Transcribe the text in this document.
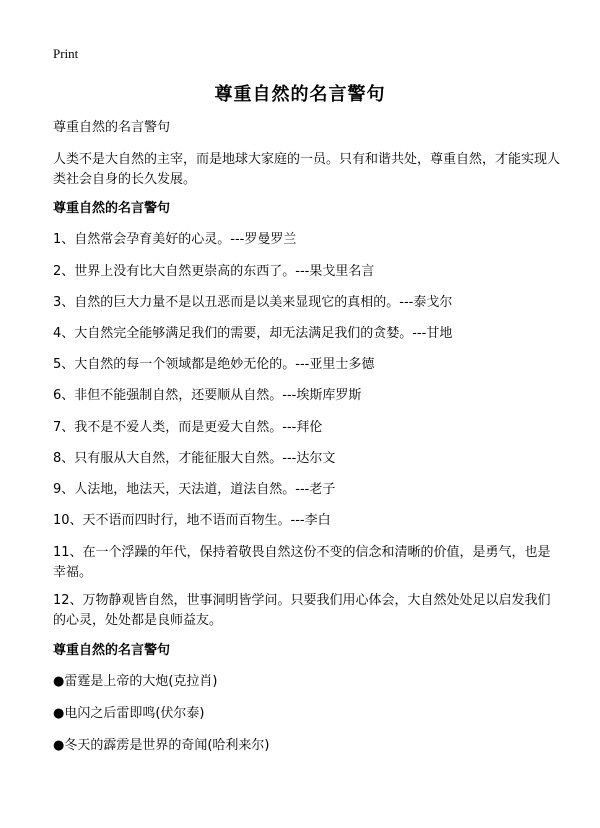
Print
尊重自然的名言警句
尊重自然的名言警句
人类不是大自然的主宰，而是地球大家庭的一员。只有和谐共处，尊重自然，才能实现人类社会自身的长久发展。
尊重自然的名言警句
1、自然常会孕育美好的心灵。---罗曼罗兰
2、世界上没有比大自然更崇高的东西了。---果戈里名言
3、自然的巨大力量不是以丑恶而是以美来显现它的真相的。---泰戈尔
4、大自然完全能够满足我们的需要，却无法满足我们的贪婪。---甘地
5、大自然的每一个领域都是绝妙无伦的。---亚里士多德
6、非但不能强制自然，还要顺从自然。---埃斯库罗斯
7、我不是不爱人类，而是更爱大自然。---拜伦
8、只有服从大自然，才能征服大自然。---达尔文
9、人法地，地法天，天法道，道法自然。---老子
10、天不语而四时行，地不语而百物生。---李白
11、在一个浮躁的年代，保持着敬畏自然这份不变的信念和清晰的价值，是勇气，也是幸福。
12、万物静观皆自然，世事洞明皆学问。只要我们用心体会，大自然处处足以启发我们的心灵，处处都是良师益友。
尊重自然的名言警句
●雷霆是上帝的大炮(克拉肖)
●电闪之后雷即鸣(伏尔泰)
●冬天的霹雳是世界的奇闻(哈利来尔)
